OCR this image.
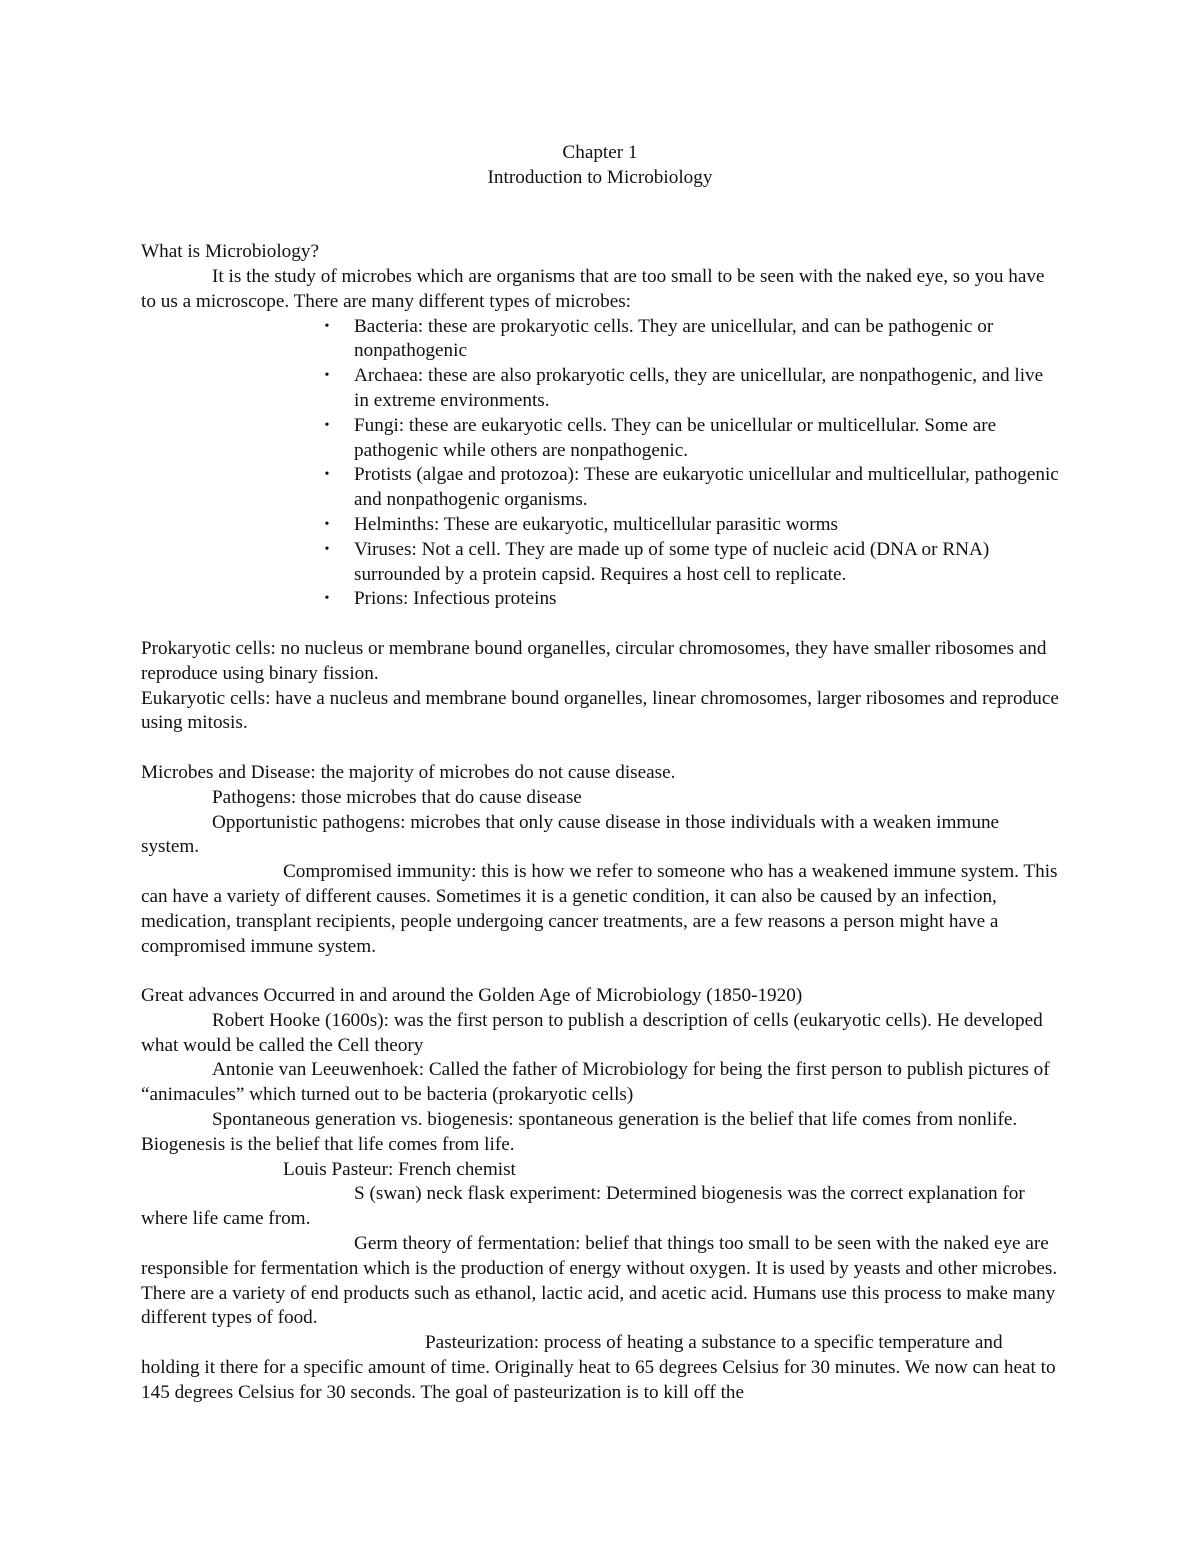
Chapter 1

Introduction to Microbiology

What is Microbiology?

It is the study of microbes which are organisms that are too small to be seen with the naked eye, so you have to us a microscope. There are many different types of microbes:

•	Bacteria: these are prokaryotic cells. They are unicellular, and can be pathogenic or nonpathogenic
•	Archaea: these are also prokaryotic cells, they are unicellular, are nonpathogenic, and live in extreme environments.
•	Fungi: these are eukaryotic cells. They can be unicellular or multicellular. Some are pathogenic while others are nonpathogenic.
•	Protists (algae and protozoa): These are eukaryotic unicellular and multicellular, pathogenic and nonpathogenic organisms.
•	Helminths: These are eukaryotic, multicellular parasitic worms
•	Viruses: Not a cell. They are made up of some type of nucleic acid (DNA or RNA) surrounded by a protein capsid. Requires a host cell to replicate.
•	Prions: Infectious proteins

Prokaryotic cells: no nucleus or membrane bound organelles, circular chromosomes, they have smaller ribosomes and reproduce using binary fission.

Eukaryotic cells: have a nucleus and membrane bound organelles, linear chromosomes, larger ribosomes and reproduce using mitosis.

Microbes and Disease: the majority of microbes do not cause disease.

Pathogens: those microbes that do cause disease

Opportunistic pathogens: microbes that only cause disease in those individuals with a weaken immune system.

Compromised immunity: this is how we refer to someone who has a weakened immune system. This can have a variety of different causes. Sometimes it is a genetic condition, it can also be caused by an infection, medication, transplant recipients, people undergoing cancer treatments, are a few reasons a person might have a compromised immune system.

Great advances Occurred in and around the Golden Age of Microbiology (1850-1920)

Robert Hooke (1600s): was the first person to publish a description of cells (eukaryotic cells). He developed what would be called the Cell theory

Antonie van Leeuwenhoek: Called the father of Microbiology for being the first person to publish pictures of “animacules” which turned out to be bacteria (prokaryotic cells)

Spontaneous generation vs. biogenesis: spontaneous generation is the belief that life comes from nonlife. Biogenesis is the belief that life comes from life.

Louis Pasteur: French chemist

S (swan) neck flask experiment: Determined biogenesis was the correct explanation for where life came from.

Germ theory of fermentation: belief that things too small to be seen with the naked eye are responsible for fermentation which is the production of energy without oxygen. It is used by yeasts and other microbes. There are a variety of end products such as ethanol, lactic acid, and acetic acid. Humans use this process to make many different types of food.

Pasteurization: process of heating a substance to a specific temperature and holding it there for a specific amount of time. Originally heat to 65 degrees Celsius for 30 minutes. We now can heat to 145 degrees Celsius for 30 seconds. The goal of pasteurization is to kill off the
